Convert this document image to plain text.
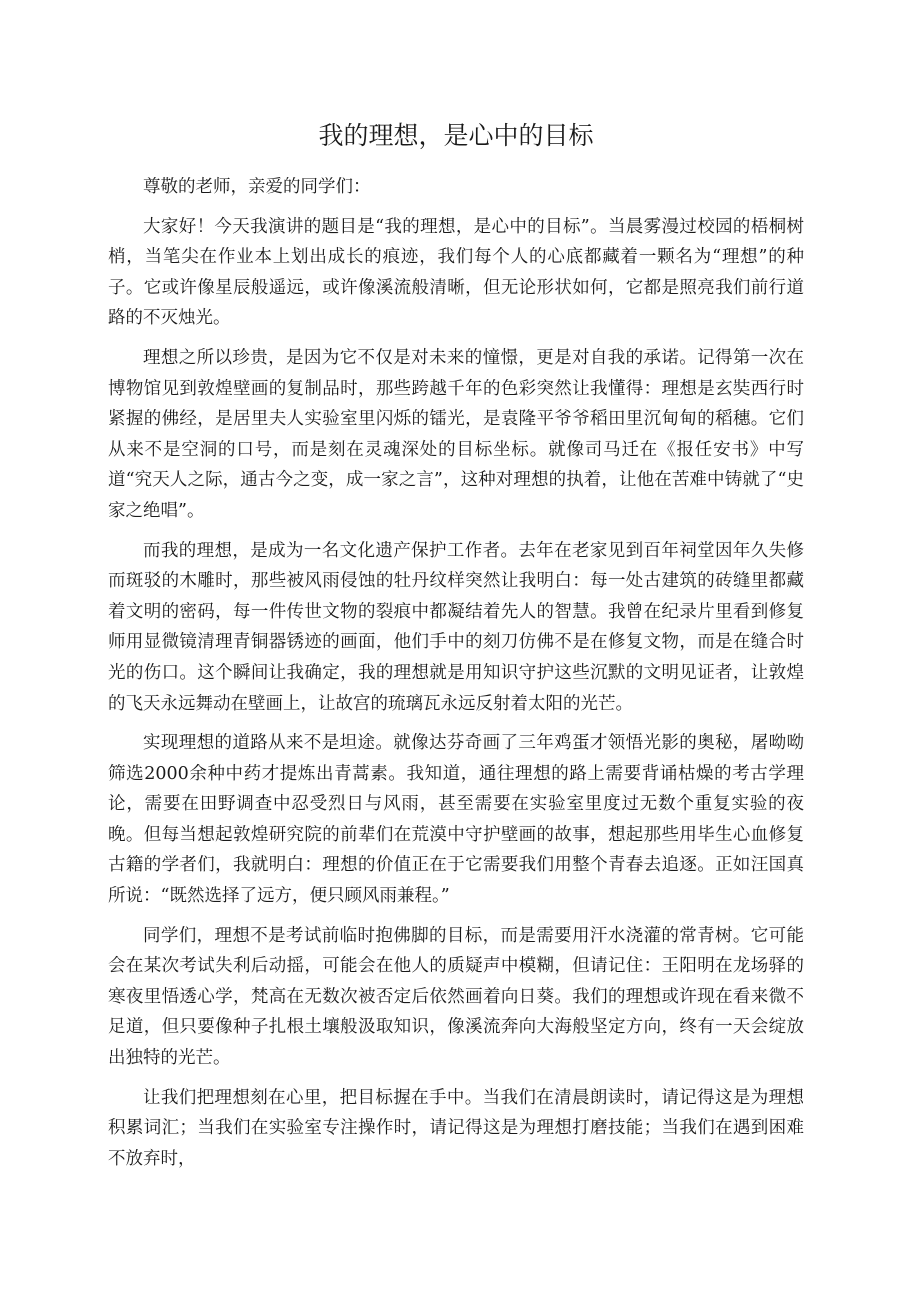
我的理想，是心中的目标

尊敬的老师，亲爱的同学们：

大家好！今天我演讲的题目是“我的理想，是心中的目标”。当晨雾漫过校园的梧桐树梢，当笔尖在作业本上划出成长的痕迹，我们每个人的心底都藏着一颗名为“理想”的种子。它或许像星辰般遥远，或许像溪流般清晰，但无论形状如何，它都是照亮我们前行道路的不灭烛光。

理想之所以珍贵，是因为它不仅是对未来的憧憬，更是对自我的承诺。记得第一次在博物馆见到敦煌壁画的复制品时，那些跨越千年的色彩突然让我懂得：理想是玄奘西行时紧握的佛经，是居里夫人实验室里闪烁的镭光，是袁隆平爷爷稻田里沉甸甸的稻穗。它们从来不是空洞的口号，而是刻在灵魂深处的目标坐标。就像司马迁在《报任安书》中写道“究天人之际，通古今之变，成一家之言”，这种对理想的执着，让他在苦难中铸就了“史家之绝唱”。

而我的理想，是成为一名文化遗产保护工作者。去年在老家见到百年祠堂因年久失修而斑驳的木雕时，那些被风雨侵蚀的牡丹纹样突然让我明白：每一处古建筑的砖缝里都藏着文明的密码，每一件传世文物的裂痕中都凝结着先人的智慧。我曾在纪录片里看到修复师用显微镜清理青铜器锈迹的画面，他们手中的刻刀仿佛不是在修复文物，而是在缝合时光的伤口。这个瞬间让我确定，我的理想就是用知识守护这些沉默的文明见证者，让敦煌的飞天永远舞动在壁画上，让故宫的琉璃瓦永远反射着太阳的光芒。

实现理想的道路从来不是坦途。就像达芬奇画了三年鸡蛋才领悟光影的奥秘，屠呦呦筛选2000余种中药才提炼出青蒿素。我知道，通往理想的路上需要背诵枯燥的考古学理论，需要在田野调查中忍受烈日与风雨，甚至需要在实验室里度过无数个重复实验的夜晚。但每当想起敦煌研究院的前辈们在荒漠中守护壁画的故事，想起那些用毕生心血修复古籍的学者们，我就明白：理想的价值正在于它需要我们用整个青春去追逐。正如汪国真所说：“既然选择了远方，便只顾风雨兼程。”

同学们，理想不是考试前临时抱佛脚的目标，而是需要用汗水浇灌的常青树。它可能会在某次考试失利后动摇，可能会在他人的质疑声中模糊，但请记住：王阳明在龙场驿的寒夜里悟透心学，梵高在无数次被否定后依然画着向日葵。我们的理想或许现在看来微不足道，但只要像种子扎根土壤般汲取知识，像溪流奔向大海般坚定方向，终有一天会绽放出独特的光芒。

让我们把理想刻在心里，把目标握在手中。当我们在清晨朗读时，请记得这是为理想积累词汇；当我们在实验室专注操作时，请记得这是为理想打磨技能；当我们在遇到困难不放弃时，
